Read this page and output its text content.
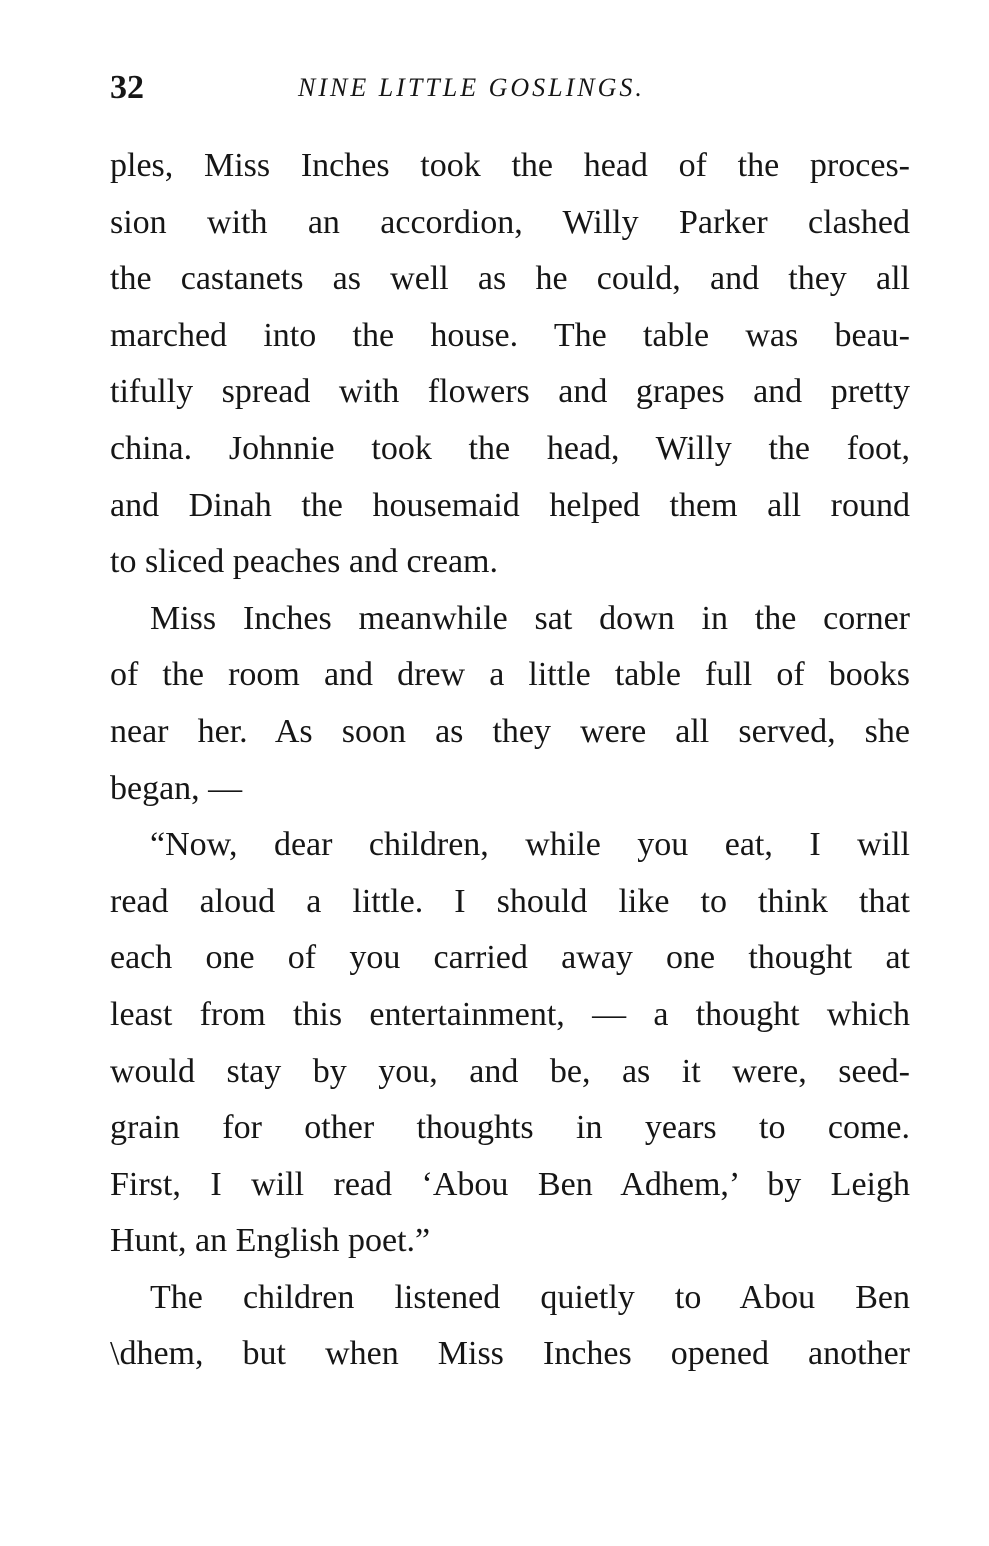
32	NINE LITTLE GOSLINGS.
ples, Miss Inches took the head of the proces-
sion with an accordion, Willy Parker clashed
the castanets as well as he could, and they all
marched into the house. The table was beau-
tifully spread with flowers and grapes and pretty
china. Johnnie took the head, Willy the foot,
and Dinah the housemaid helped them all round
to sliced peaches and cream.
Miss Inches meanwhile sat down in the corner
of the room and drew a little table full of books
near her. As soon as they were all served, she
began, —
“Now, dear children, while you eat, I will
read aloud a little. I should like to think that
each one of you carried away one thought at
least from this entertainment, — a thought which
would stay by you, and be, as it were, seed-
grain for other thoughts in years to come.
First, I will read ‘Abou Ben Adhem,’ by Leigh
Hunt, an English poet.”
The children listened quietly to Abou Ben
\dhem, but when Miss Inches opened another
